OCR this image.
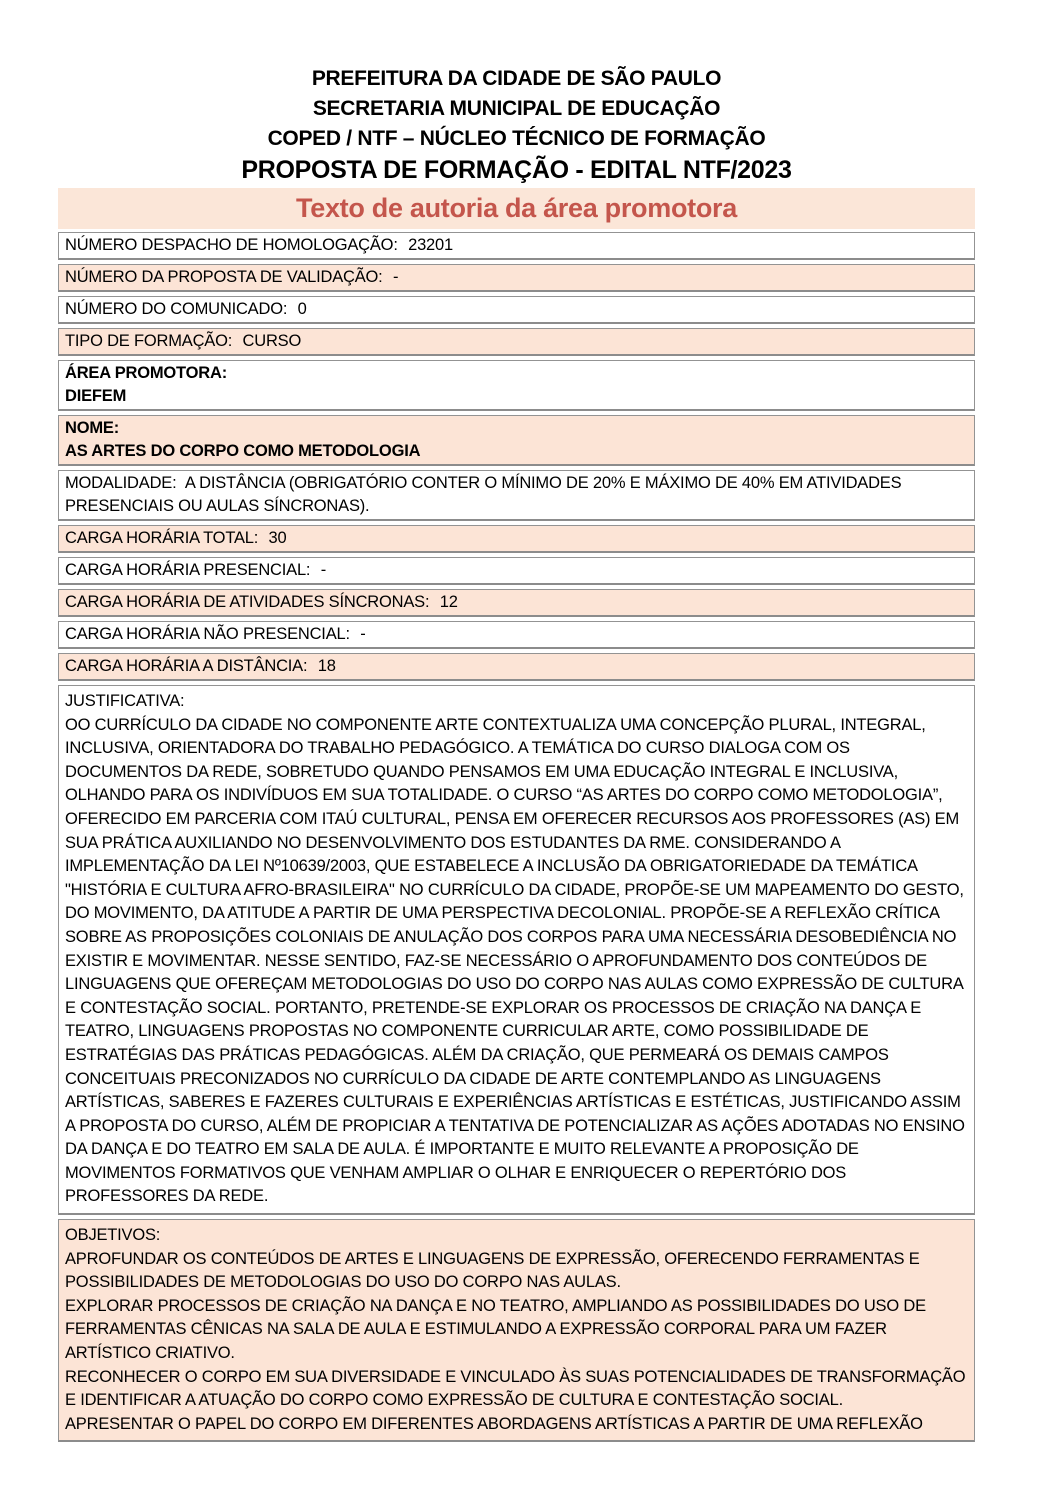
PREFEITURA DA CIDADE DE SÃO PAULO
SECRETARIA MUNICIPAL DE EDUCAÇÃO
COPED / NTF – NÚCLEO TÉCNICO DE FORMAÇÃO
PROPOSTA DE FORMAÇÃO - EDITAL NTF/2023
Texto de autoria da área promotora
NÚMERO DESPACHO DE HOMOLOGAÇÃO: 23201
NÚMERO DA PROPOSTA DE VALIDAÇÃO: -
NÚMERO DO COMUNICADO: 0
TIPO DE FORMAÇÃO: CURSO
ÁREA PROMOTORA:
DIEFEM
NOME:
AS ARTES DO CORPO COMO METODOLOGIA
MODALIDADE: A DISTÂNCIA (OBRIGATÓRIO CONTER O MÍNIMO DE 20% E MÁXIMO DE 40% EM ATIVIDADES PRESENCIAIS OU AULAS SÍNCRONAS).
CARGA HORÁRIA TOTAL: 30
CARGA HORÁRIA PRESENCIAL: -
CARGA HORÁRIA DE ATIVIDADES SÍNCRONAS: 12
CARGA HORÁRIA NÃO PRESENCIAL: -
CARGA HORÁRIA A DISTÂNCIA: 18
JUSTIFICATIVA:
OO CURRÍCULO DA CIDADE NO COMPONENTE ARTE CONTEXTUALIZA UMA CONCEPÇÃO PLURAL, INTEGRAL, INCLUSIVA, ORIENTADORA DO TRABALHO PEDAGÓGICO. A TEMÁTICA DO CURSO DIALOGA COM OS DOCUMENTOS DA REDE, SOBRETUDO QUANDO PENSAMOS EM UMA EDUCAÇÃO INTEGRAL E INCLUSIVA, OLHANDO PARA OS INDIVÍDUOS EM SUA TOTALIDADE. O CURSO “AS ARTES DO CORPO COMO METODOLOGIA”, OFERECIDO EM PARCERIA COM ITAÚ CULTURAL, PENSA EM OFERECER RECURSOS AOS PROFESSORES (AS) EM SUA PRÁTICA AUXILIANDO NO DESENVOLVIMENTO DOS ESTUDANTES DA RME. CONSIDERANDO A IMPLEMENTAÇÃO DA LEI Nº10639/2003, QUE ESTABELECE A INCLUSÃO DA OBRIGATORIEDADE DA TEMÁTICA "HISTÓRIA E CULTURA AFRO-BRASILEIRA" NO CURRÍCULO DA CIDADE, PROPÕE-SE UM MAPEAMENTO DO GESTO, DO MOVIMENTO, DA ATITUDE A PARTIR DE UMA PERSPECTIVA DECOLONIAL. PROPÕE-SE A REFLEXÃO CRÍTICA SOBRE AS PROPOSIÇÕES COLONIAIS DE ANULAÇÃO DOS CORPOS PARA UMA NECESSÁRIA DESOBEDIÊNCIA NO EXISTIR E MOVIMENTAR. NESSE SENTIDO, FAZ-SE NECESSÁRIO O APROFUNDAMENTO DOS CONTEÚDOS DE LINGUAGENS QUE OFEREÇAM METODOLOGIAS DO USO DO CORPO NAS AULAS COMO EXPRESSÃO DE CULTURA E CONTESTAÇÃO SOCIAL. PORTANTO, PRETENDE-SE EXPLORAR OS PROCESSOS DE CRIAÇÃO NA DANÇA E TEATRO, LINGUAGENS PROPOSTAS NO COMPONENTE CURRICULAR ARTE, COMO POSSIBILIDADE DE ESTRATÉGIAS DAS PRÁTICAS PEDAGÓGICAS. ALÉM DA CRIAÇÃO, QUE PERMEARÁ OS DEMAIS CAMPOS CONCEITUAIS PRECONIZADOS NO CURRÍCULO DA CIDADE DE ARTE CONTEMPLANDO AS LINGUAGENS ARTÍSTICAS, SABERES E FAZERES CULTURAIS E EXPERIÊNCIAS ARTÍSTICAS E ESTÉTICAS, JUSTIFICANDO ASSIM A PROPOSTA DO CURSO, ALÉM DE PROPICIAR A TENTATIVA DE POTENCIALIZAR AS AÇÕES ADOTADAS NO ENSINO DA DANÇA E DO TEATRO EM SALA DE AULA. É IMPORTANTE E MUITO RELEVANTE A PROPOSIÇÃO DE MOVIMENTOS FORMATIVOS QUE VENHAM AMPLIAR O OLHAR E ENRIQUECER O REPERTÓRIO DOS PROFESSORES DA REDE.
OBJETIVOS:
APROFUNDAR OS CONTEÚDOS DE ARTES E LINGUAGENS DE EXPRESSÃO, OFERECENDO FERRAMENTAS E POSSIBILIDADES DE METODOLOGIAS DO USO DO CORPO NAS AULAS.
EXPLORAR PROCESSOS DE CRIAÇÃO NA DANÇA E NO TEATRO, AMPLIANDO AS POSSIBILIDADES DO USO DE FERRAMENTAS CÊNICAS NA SALA DE AULA E ESTIMULANDO A EXPRESSÃO CORPORAL PARA UM FAZER ARTÍSTICO CRIATIVO.
RECONHECER O CORPO EM SUA DIVERSIDADE E VINCULADO ÀS SUAS POTENCIALIDADES DE TRANSFORMAÇÃO E IDENTIFICAR A ATUAÇÃO DO CORPO COMO EXPRESSÃO DE CULTURA E CONTESTAÇÃO SOCIAL.
APRESENTAR O PAPEL DO CORPO EM DIFERENTES ABORDAGENS ARTÍSTICAS A PARTIR DE UMA REFLEXÃO
